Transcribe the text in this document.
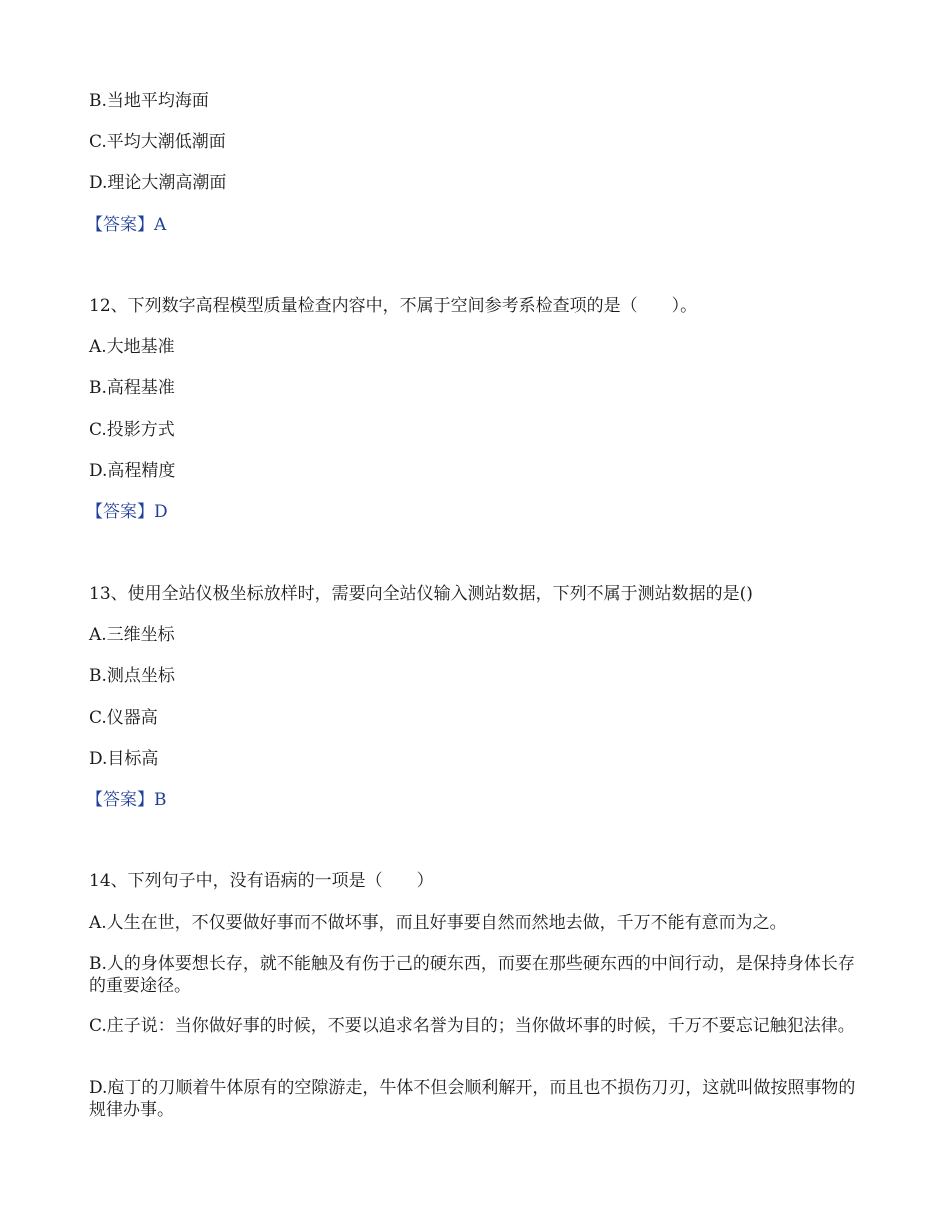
B.当地平均海面
C.平均大潮低潮面
D.理论大潮高潮面
【答案】A
12、下列数字高程模型质量检查内容中，不属于空间参考系检查项的是（　　）。
A.大地基准
B.高程基准
C.投影方式
D.高程精度
【答案】D
13、使用全站仪极坐标放样时，需要向全站仪输入测站数据，下列不属于测站数据的是()
A.三维坐标
B.测点坐标
C.仪器高
D.目标高
【答案】B
14、下列句子中，没有语病的一项是（　　）
A.人生在世，不仅要做好事而不做坏事，而且好事要自然而然地去做，千万不能有意而为之。
B.人的身体要想长存，就不能触及有伤于己的硬东西，而要在那些硬东西的中间行动，是保持身体长存的重要途径。
C.庄子说：当你做好事的时候，不要以追求名誉为目的；当你做坏事的时候，千万不要忘记触犯法律。
D.庖丁的刀顺着牛体原有的空隙游走，牛体不但会顺利解开，而且也不损伤刀刃，这就叫做按照事物的规律办事。
